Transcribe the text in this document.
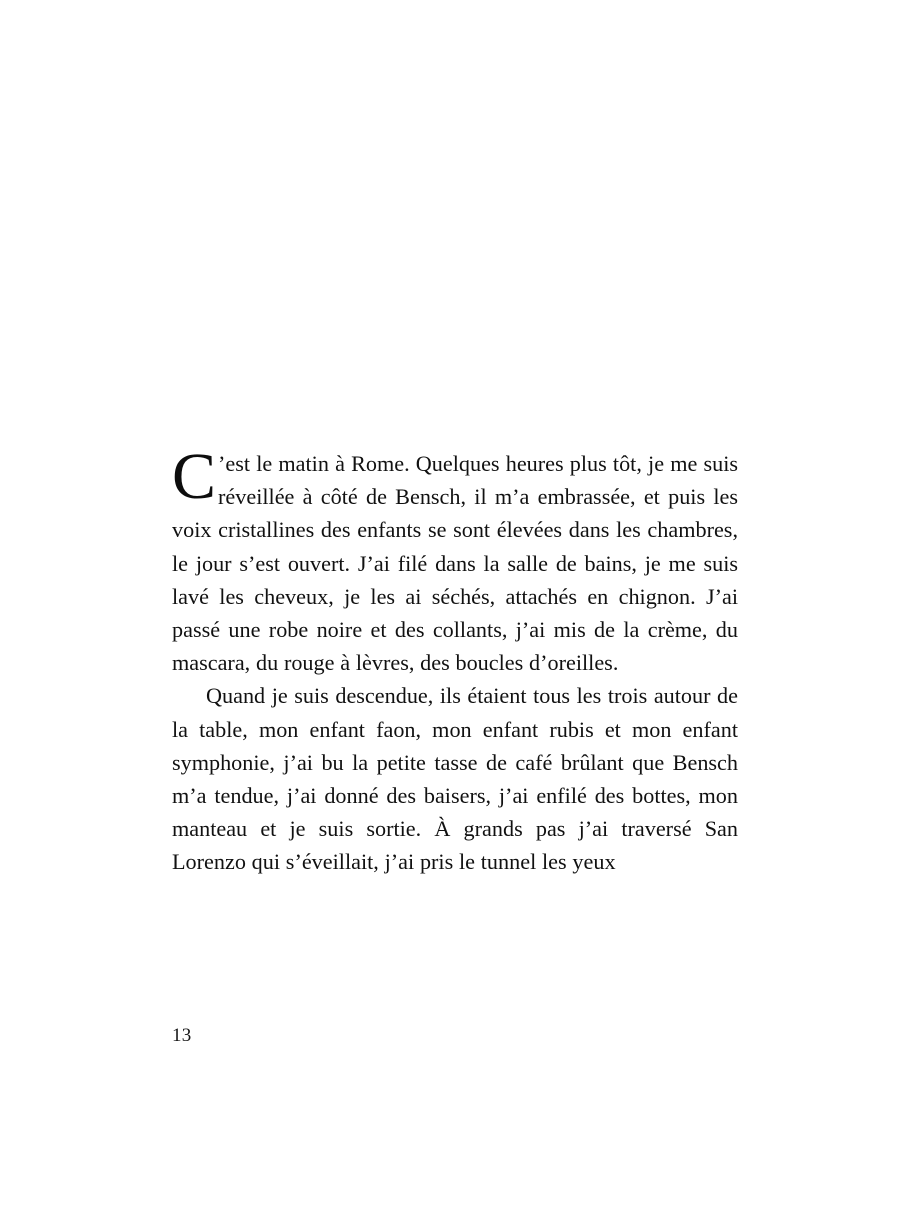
C ’est le matin à Rome. Quelques heures plus tôt, je me suis réveillée à côté de Bensch, il m’a embrassée, et puis les voix cristallines des enfants se sont élevées dans les chambres, le jour s’est ouvert. J’ai filé dans la salle de bains, je me suis lavé les cheveux, je les ai séchés, attachés en chignon. J’ai passé une robe noire et des collants, j’ai mis de la crème, du mascara, du rouge à lèvres, des boucles d’oreilles.

Quand je suis descendue, ils étaient tous les trois autour de la table, mon enfant faon, mon enfant rubis et mon enfant symphonie, j’ai bu la petite tasse de café brûlant que Bensch m’a tendue, j’ai donné des baisers, j’ai enfilé des bottes, mon manteau et je suis sortie. À grands pas j’ai traversé San Lorenzo qui s’éveillait, j’ai pris le tunnel les yeux

13
